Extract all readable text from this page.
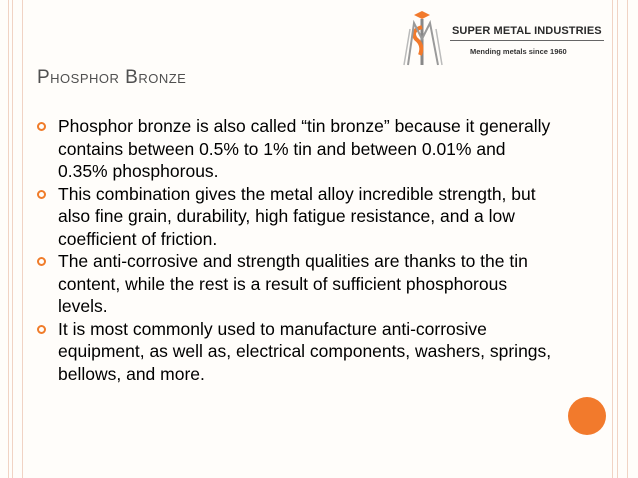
SUPER METAL INDUSTRIES
Mending metals since 1960
Phosphor Bronze
Phosphor bronze is also called “tin bronze” because it generally contains between 0.5% to 1% tin and between 0.01% and 0.35% phosphorous.
This combination gives the metal alloy incredible strength, but also fine grain, durability, high fatigue resistance, and a low coefficient of friction.
The anti-corrosive and strength qualities are thanks to the tin content, while the rest is a result of sufficient phosphorous levels.
It is most commonly used to manufacture anti-corrosive equipment, as well as, electrical components, washers, springs, bellows, and more.
